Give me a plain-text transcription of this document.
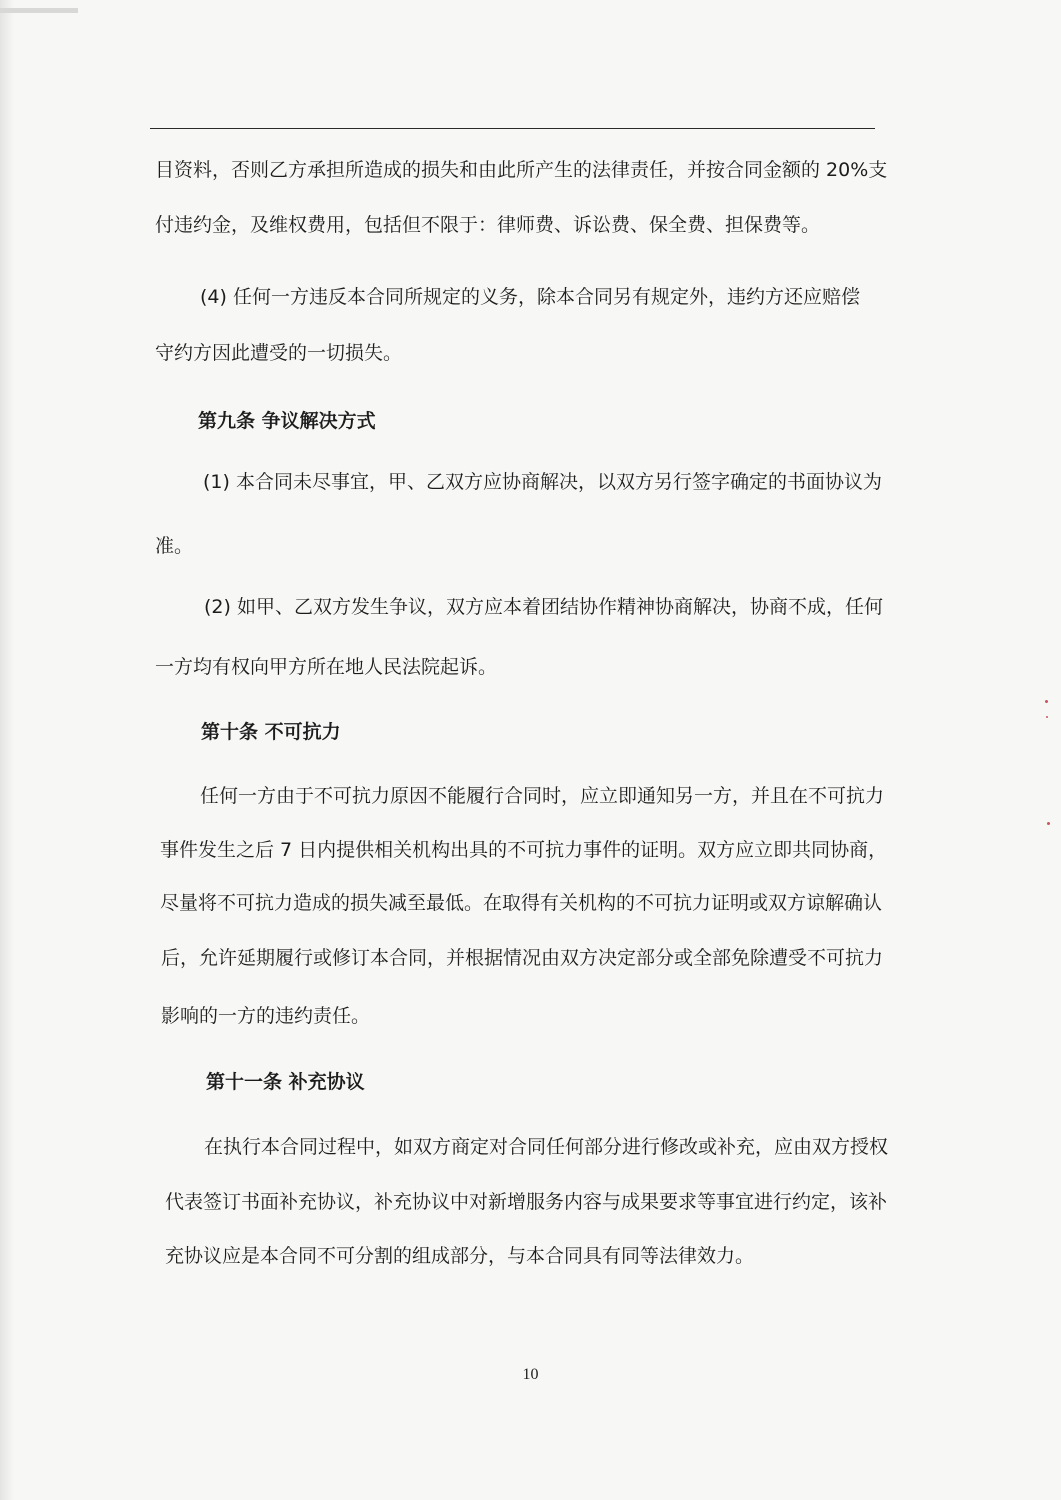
目资料，否则乙方承担所造成的损失和由此所产生的法律责任，并按合同金额的 20%支

付违约金，及维权费用，包括但不限于：律师费、诉讼费、保全费、担保费等。

(4) 任何一方违反本合同所规定的义务，除本合同另有规定外，违约方还应赔偿

守约方因此遭受的一切损失。

第九条 争议解决方式

(1) 本合同未尽事宜，甲、乙双方应协商解决，以双方另行签字确定的书面协议为

准。

(2) 如甲、乙双方发生争议，双方应本着团结协作精神协商解决，协商不成，任何

一方均有权向甲方所在地人民法院起诉。

第十条 不可抗力

任何一方由于不可抗力原因不能履行合同时，应立即通知另一方，并且在不可抗力

事件发生之后 7 日内提供相关机构出具的不可抗力事件的证明。双方应立即共同协商，

尽量将不可抗力造成的损失减至最低。在取得有关机构的不可抗力证明或双方谅解确认

后，允许延期履行或修订本合同，并根据情况由双方决定部分或全部免除遭受不可抗力

影响的一方的违约责任。

第十一条 补充协议

在执行本合同过程中，如双方商定对合同任何部分进行修改或补充，应由双方授权

代表签订书面补充协议，补充协议中对新增服务内容与成果要求等事宜进行约定，该补

充协议应是本合同不可分割的组成部分，与本合同具有同等法律效力。

10
